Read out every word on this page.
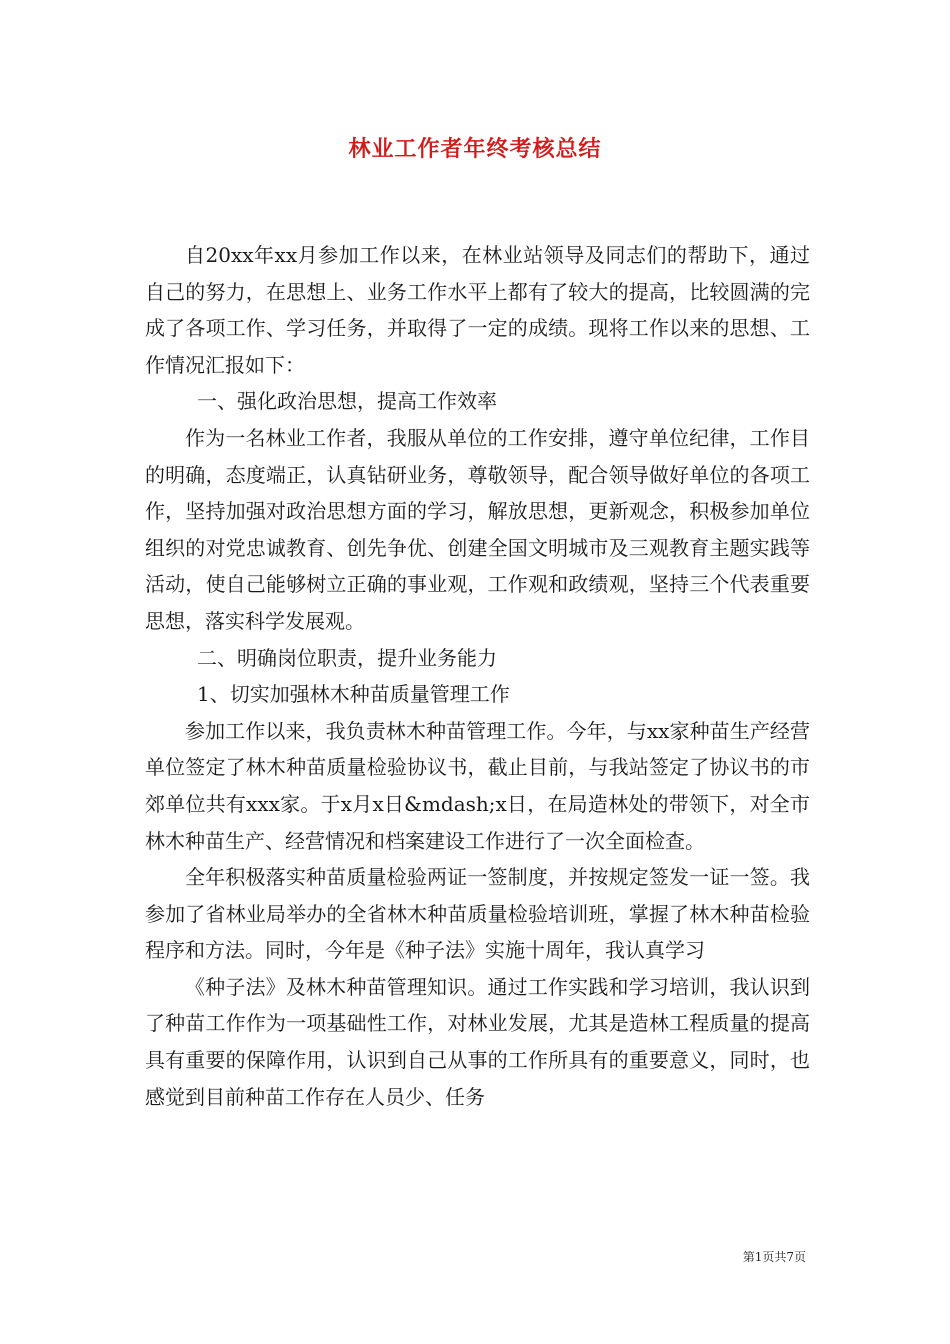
林业工作者年终考核总结

自20xx年xx月参加工作以来，在林业站领导及同志们的帮助下，通过自己的努力，在思想上、业务工作水平上都有了较大的提高，比较圆满的完成了各项工作、学习任务，并取得了一定的成绩。现将工作以来的思想、工作情况汇报如下：

一、强化政治思想，提高工作效率

作为一名林业工作者，我服从单位的工作安排，遵守单位纪律，工作目的明确，态度端正，认真钻研业务，尊敬领导，配合领导做好单位的各项工作，坚持加强对政治思想方面的学习，解放思想，更新观念，积极参加单位组织的对党忠诚教育、创先争优、创建全国文明城市及三观教育主题实践等活动，使自己能够树立正确的事业观，工作观和政绩观，坚持三个代表重要思想，落实科学发展观。

二、明确岗位职责，提升业务能力

1、切实加强林木种苗质量管理工作

参加工作以来，我负责林木种苗管理工作。今年，与xx家种苗生产经营单位签定了林木种苗质量检验协议书，截止目前，与我站签定了协议书的市郊单位共有xxx家。于x月x日&mdash;x日，在局造林处的带领下，对全市林木种苗生产、经营情况和档案建设工作进行了一次全面检查。

全年积极落实种苗质量检验两证一签制度，并按规定签发一证一签。我参加了省林业局举办的全省林木种苗质量检验培训班，掌握了林木种苗检验程序和方法。同时，今年是《种子法》实施十周年，我认真学习

《种子法》及林木种苗管理知识。通过工作实践和学习培训，我认识到了种苗工作作为一项基础性工作，对林业发展，尤其是造林工程质量的提高具有重要的保障作用，认识到自己从事的工作所具有的重要意义，同时，也感觉到目前种苗工作存在人员少、任务

第1页共7页
